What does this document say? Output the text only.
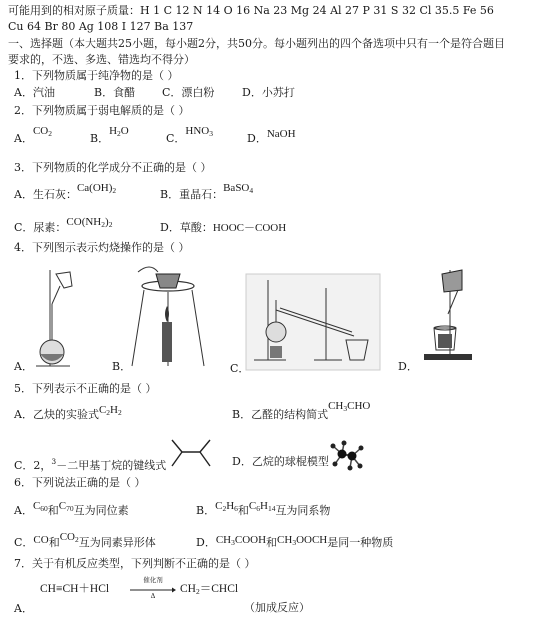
可能用到的相对原子质量：H 1 C 12 N 14 O 16 Na 23 Mg 24 Al 27 P 31 S 32 Cl 35.5 Fe 56
Cu 64 Br 80 Ag 108 I 127 Ba 137
一、选择题（本大题共25小题，每小题2分，共50分。每小题列出的四个备选项中只有一个是符合题目
要求的，不选、多选、错选均不得分）
1．下列物质属于纯净物的是（ ）
A．汽油	B．食醋 C．漂白粉	D．小苏打
2．下列物质属于弱电解质的是（ ）
A．$CO_2$	B．$H_2O$
C．$HNO_3$	D．NaOH
3．下列物质的化学成分不正确的是（ ）
A．生石灰：$Ca(OH)_2$	B．重晶石：BaSO$_4$
C．尿素：$CO(NH_2)_2$	D．草酸：HOOC－COOH
4．下列图示表示灼烧操作的是（ ）
A．	B．	C．	D．
5．下列表示不正确的是（ ）
A．乙炔的实验式$C_2H_2$	B．乙醛的结构简式$CH_3CHO$
C．2，$^3$－二甲基丁烷的键线式	D．乙烷的球棍模型
6．下列说法正确的是（ ）
A．$C_{60}$和$C_{70}$互为同位素	B．$C_2H_6$和$C_6H_{14}$互为同系物
C．CO和$CO_2$互为同素异形体	D．$CH_3COOH$和$CH_3OOCH$是同一种物质
7．关于有机反应类型，下列判断不正确的是（ ）
CH≡CH＋HCl
催化剂
Δ
$CH_2=CHCl$
A．	（加成反应）
